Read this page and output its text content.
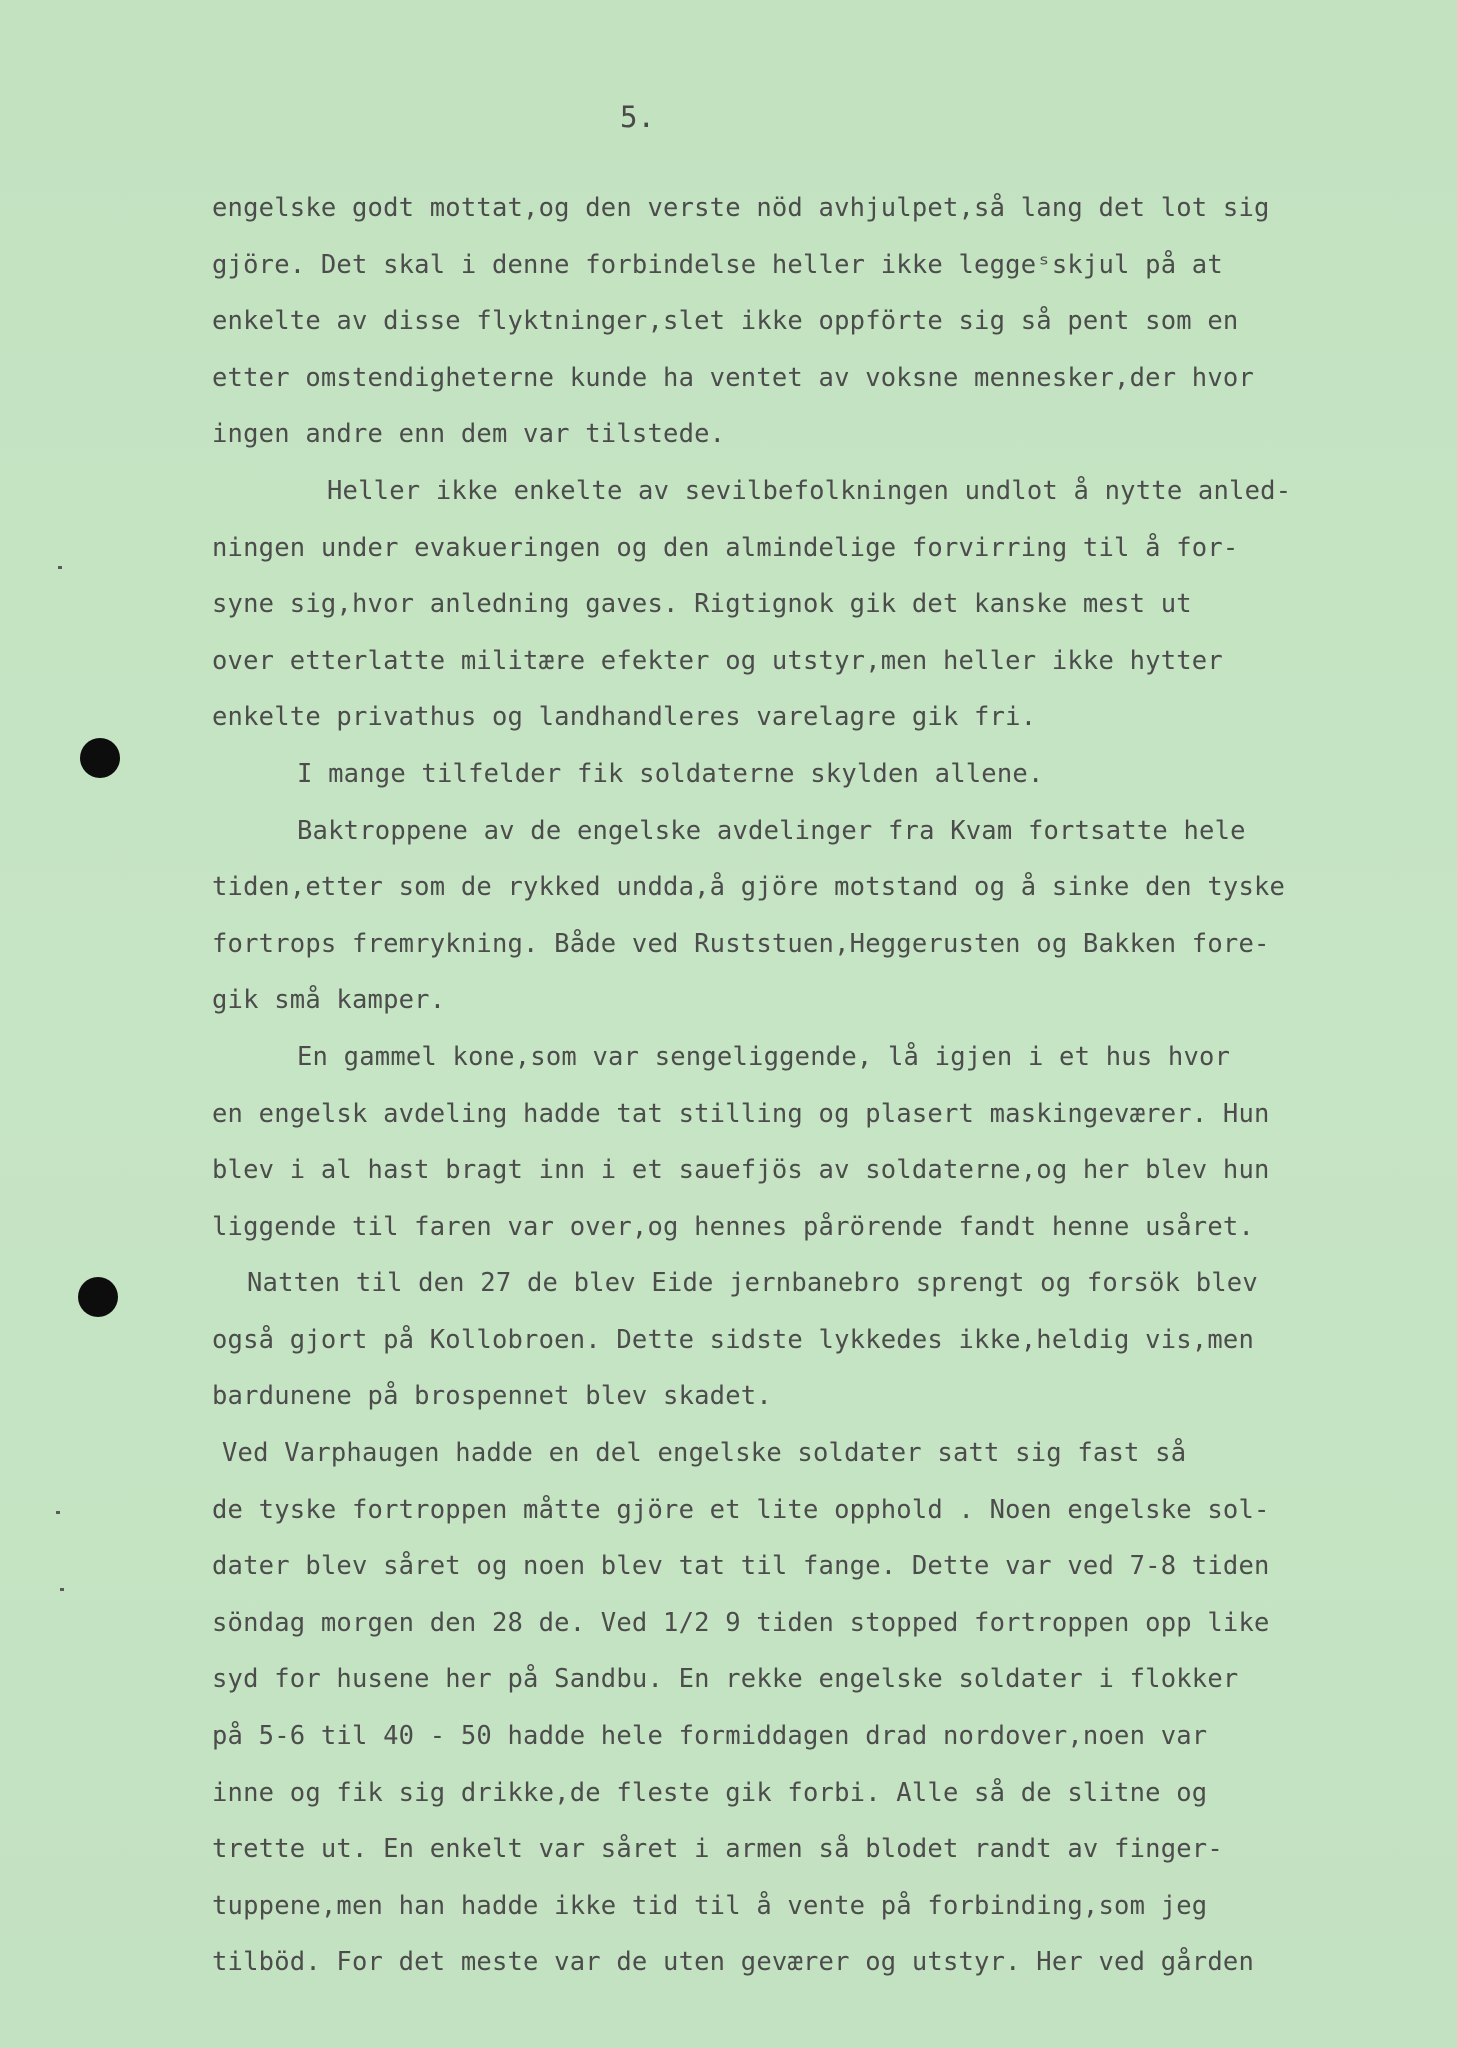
5.
engelske godt mottat,og den verste nöd avhjulpet,så lang det lot sig
gjöre. Det skal i denne forbindelse heller ikke leggeˢskjul på at
enkelte av disse flyktninger,slet ikke oppförte sig så pent som en
etter omstendigheterne kunde ha ventet av voksne mennesker,der hvor
ingen andre enn dem var tilstede.
Heller ikke enkelte av sevilbefolkningen undlot å nytte anled-
ningen under evakueringen og den almindelige forvirring til å for-
syne sig,hvor anledning gaves. Rigtignok gik det kanske mest ut
over etterlatte militære efekter og utstyr,men heller ikke hytter
enkelte privathus og landhandleres varelagre gik fri.
I mange tilfelder fik soldaterne skylden allene.
Baktroppene av de engelske avdelinger fra Kvam fortsatte hele
tiden,etter som de rykked undda,å gjöre motstand og å sinke den tyske
fortrops fremrykning. Både ved Ruststuen,Heggerusten og Bakken fore-
gik små kamper.
En gammel kone,som var sengeliggende, lå igjen i et hus hvor
en engelsk avdeling hadde tat stilling og plasert maskingeværer. Hun
blev i al hast bragt inn i et sauefjös av soldaterne,og her blev hun
liggende til faren var over,og hennes pårörende fandt henne usåret.
Natten til den 27 de blev Eide jernbanebro sprengt og forsök blev
også gjort på Kollobroen. Dette sidste lykkedes ikke,heldig vis,men
bardunene på brospennet blev skadet.
Ved Varphaugen hadde en del engelske soldater satt sig fast så
de tyske fortroppen måtte gjöre et lite opphold . Noen engelske sol-
dater blev såret og noen blev tat til fange. Dette var ved 7-8 tiden
söndag morgen den 28 de. Ved 1/2 9 tiden stopped fortroppen opp like
syd for husene her på Sandbu. En rekke engelske soldater i flokker
på 5-6 til 40 - 50 hadde hele formiddagen drad nordover,noen var
inne og fik sig drikke,de fleste gik forbi. Alle så de slitne og
trette ut. En enkelt var såret i armen så blodet randt av finger-
tuppene,men han hadde ikke tid til å vente på forbinding,som jeg
tilböd. For det meste var de uten geværer og utstyr. Her ved gården
